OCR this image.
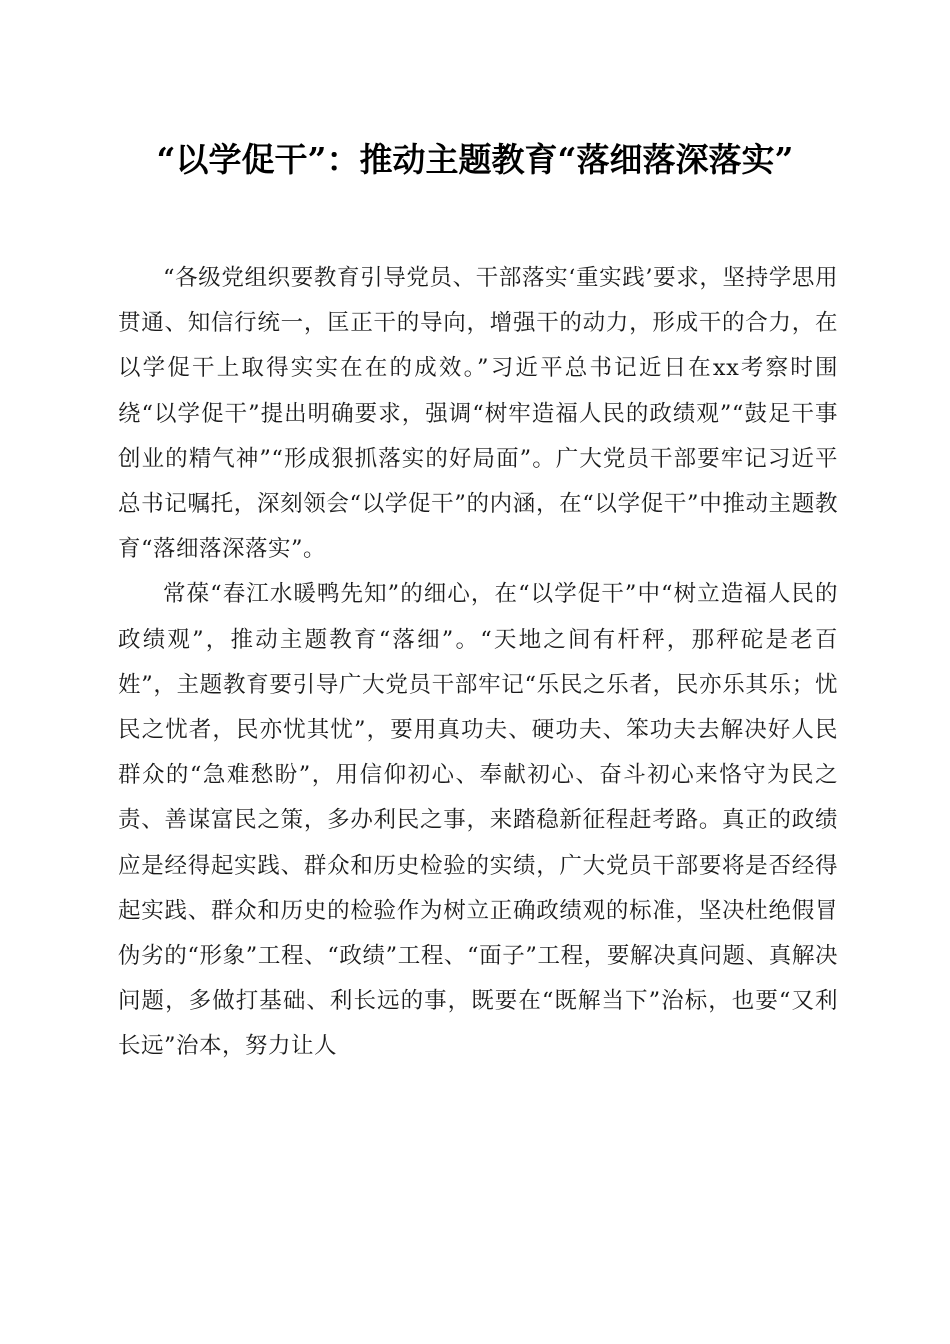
“以学促干”：推动主题教育“落细落深落实”

“各级党组织要教育引导党员、干部落实‘重实践’要求，坚持学思用贯通、知信行统一，匡正干的导向，增强干的动力，形成干的合力，在以学促干上取得实实在在的成效。”习近平总书记近日在xx考察时围绕“以学促干”提出明确要求，强调“树牢造福人民的政绩观”“鼓足干事创业的精气神”“形成狠抓落实的好局面”。广大党员干部要牢记习近平总书记嘱托，深刻领会“以学促干”的内涵，在“以学促干”中推动主题教育“落细落深落实”。

常葆“春江水暖鸭先知”的细心，在“以学促干”中“树立造福人民的政绩观”，推动主题教育“落细”。“天地之间有杆秤，那秤砣是老百姓”，主题教育要引导广大党员干部牢记“乐民之乐者，民亦乐其乐；忧民之忧者，民亦忧其忧”，要用真功夫、硬功夫、笨功夫去解决好人民群众的“急难愁盼”，用信仰初心、奉献初心、奋斗初心来恪守为民之责、善谋富民之策，多办利民之事，来踏稳新征程赶考路。真正的政绩应是经得起实践、群众和历史检验的实绩，广大党员干部要将是否经得起实践、群众和历史的检验作为树立正确政绩观的标准，坚决杜绝假冒伪劣的“形象”工程、“政绩”工程、“面子”工程，要解决真问题、真解决问题，多做打基础、利长远的事，既要在“既解当下”治标，也要“又利长远”治本，努力让人
